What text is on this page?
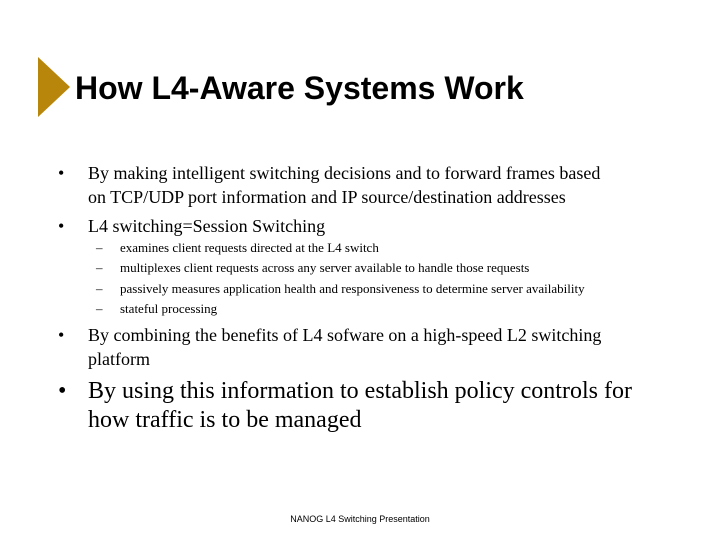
How L4-Aware Systems Work
• By making intelligent switching decisions and to forward frames based
on TCP/UDP port information and IP source/destination addresses
• L4 switching=Session Switching
– examines client requests directed at the L4 switch
– multiplexes client requests across any server available to handle those requests
– passively measures application health and responsiveness to determine server availability
– stateful processing
• By combining the benefits of L4 sofware on a high-speed L2 switching
platform
• By using this information to establish policy controls for
how traffic is to be managed
NANOG L4 Switching Presentation
